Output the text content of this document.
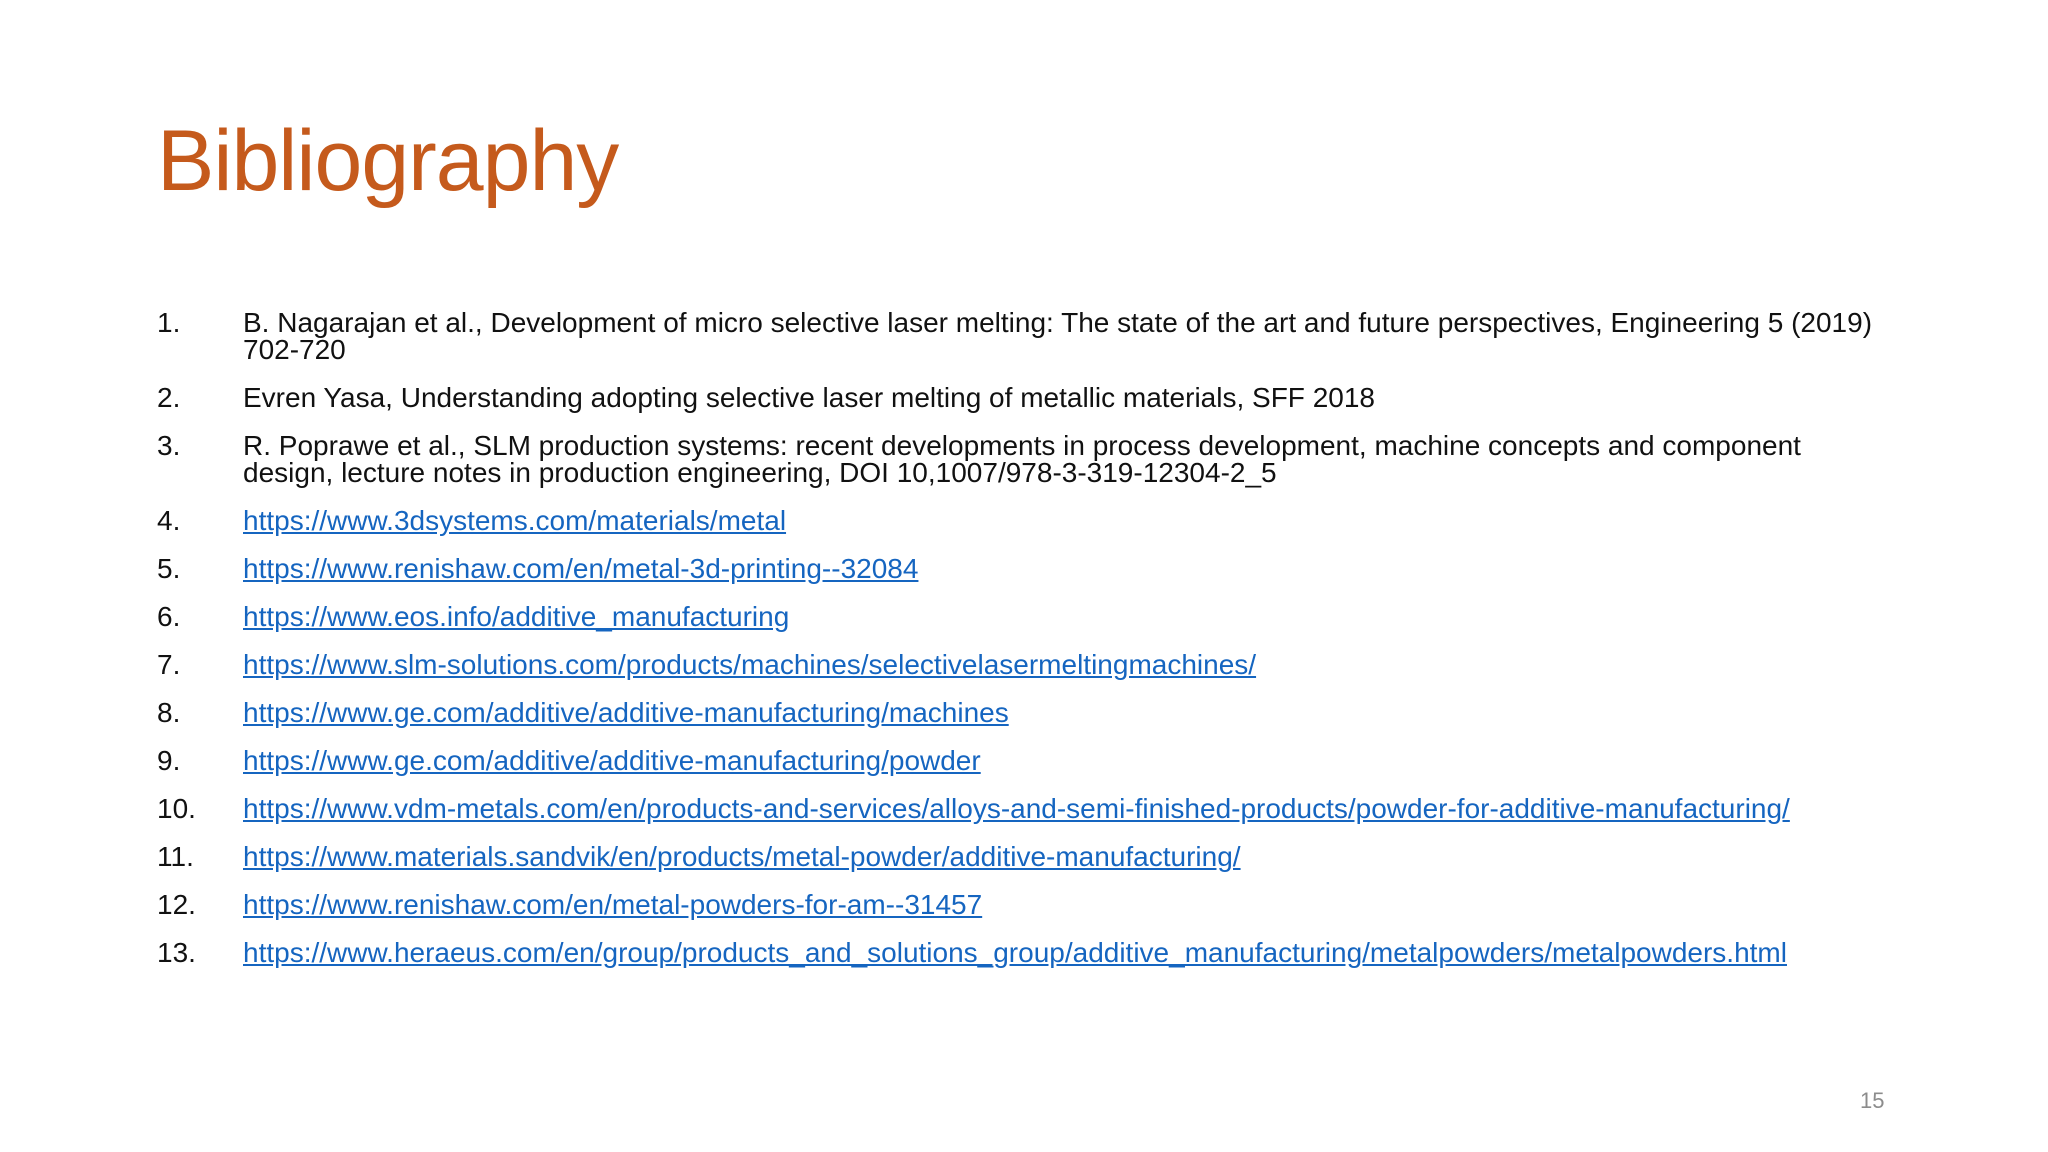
Bibliography
1.	B. Nagarajan et al., Development of micro selective laser melting: The state of the art and future perspectives, Engineering 5 (2019) 702-720
2.	Evren Yasa, Understanding adopting selective laser melting of metallic materials, SFF 2018
3.	R. Poprawe et al., SLM production systems: recent developments in process development, machine concepts and component design, lecture notes in production engineering, DOI 10,1007/978-3-319-12304-2_5
4.	https://www.3dsystems.com/materials/metal
5.	https://www.renishaw.com/en/metal-3d-printing--32084
6.	https://www.eos.info/additive_manufacturing
7.	https://www.slm-solutions.com/products/machines/selectivelasermeltingmachines/
8.	https://www.ge.com/additive/additive-manufacturing/machines
9.	https://www.ge.com/additive/additive-manufacturing/powder
10.	https://www.vdm-metals.com/en/products-and-services/alloys-and-semi-finished-products/powder-for-additive-manufacturing/
11.	https://www.materials.sandvik/en/products/metal-powder/additive-manufacturing/
12.	https://www.renishaw.com/en/metal-powders-for-am--31457
13.	https://www.heraeus.com/en/group/products_and_solutions_group/additive_manufacturing/metalpowders/metalpowders.html
15
